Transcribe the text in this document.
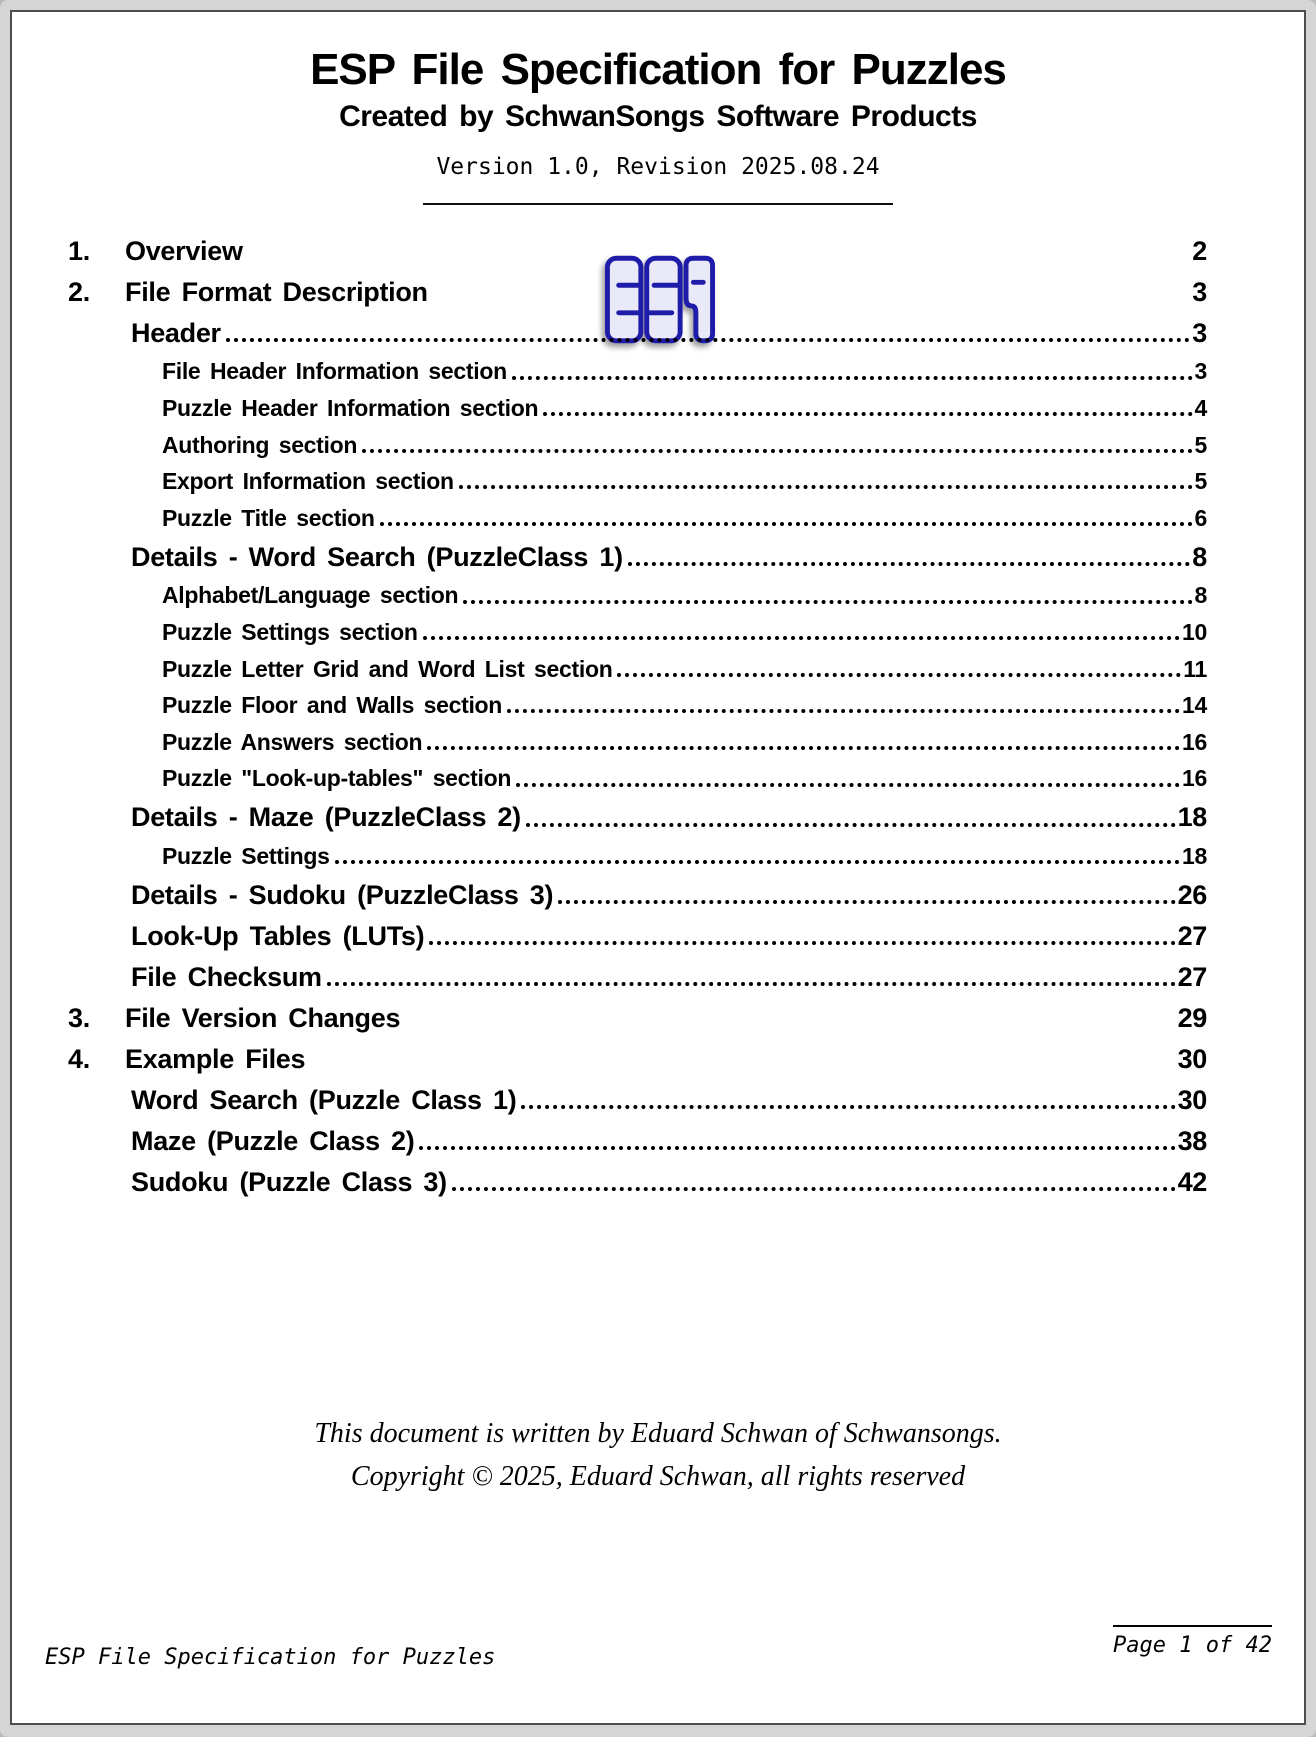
ESP File Specification for Puzzles
Created by SchwanSongs Software Products
Version 1.0, Revision 2025.08.24
1.	Overview	2
2.	File Format Description	3
Header	3
File Header Information section	3
Puzzle Header Information section	4
Authoring section	5
Export Information section	5
Puzzle Title section	6
Details - Word Search (PuzzleClass 1)	8
Alphabet/Language section	8
Puzzle Settings section	10
Puzzle Letter Grid and Word List section	11
Puzzle Floor and Walls section	14
Puzzle Answers section	16
Puzzle "Look-up-tables" section	16
Details - Maze (PuzzleClass 2)	18
Puzzle Settings	18
Details - Sudoku (PuzzleClass 3)	26
Look-Up Tables (LUTs)	27
File Checksum	27
3.	File Version Changes	29
4.	Example Files	30
Word Search (Puzzle Class 1)	30
Maze (Puzzle Class 2)	38
Sudoku (Puzzle Class 3)	42
This document is written by Eduard Schwan of Schwansongs.
Copyright © 2025, Eduard Schwan, all rights reserved
ESP File Specification for Puzzles	Page 1 of 42
